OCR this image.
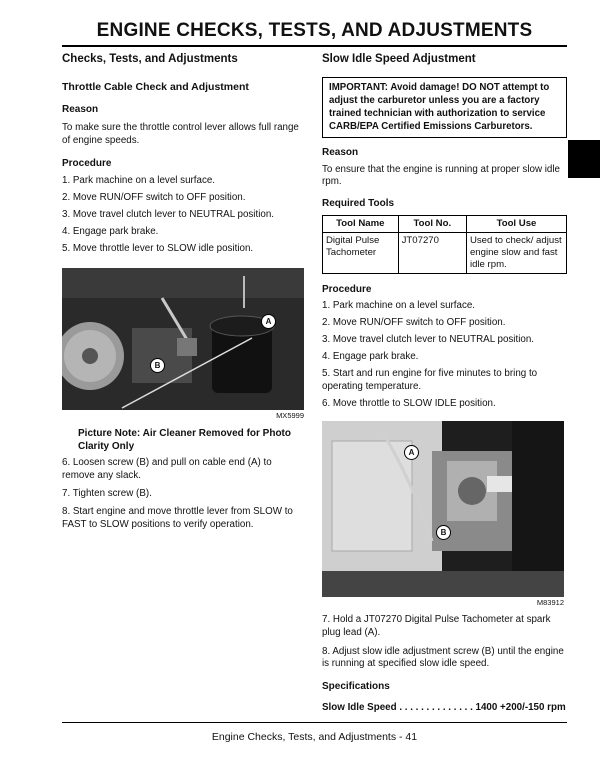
ENGINE CHECKS, TESTS, AND ADJUSTMENTS
Checks, Tests, and Adjustments
Throttle Cable Check and Adjustment

Reason

To make sure the throttle control lever allows full range of engine speeds.

Procedure

1. Park machine on a level surface.

2. Move RUN/OFF switch to OFF position.

3. Move travel clutch lever to NEUTRAL position.

4. Engage park brake.

5. Move throttle lever to SLOW idle position.

A
B
MX5999

Picture Note: Air Cleaner Removed for Photo Clarity Only

6. Loosen screw (B) and pull on cable end (A) to remove any slack.

7. Tighten screw (B).

8. Start engine and move throttle lever from SLOW to FAST to SLOW positions to verify operation.

Slow Idle Speed Adjustment
IMPORTANT: Avoid damage! DO NOT attempt to adjust the carburetor unless you are a factory trained technician with authorization to service CARB/EPA Certified Emissions Carburetors.

Reason

To ensure that the engine is running at proper slow idle rpm.

Required Tools

Tool Name	Tool No.	Tool Use
Digital Pulse Tachometer	JT07270	Used to check/ adjust engine slow and fast idle rpm.

Procedure

1. Park machine on a level surface.

2. Move RUN/OFF switch to OFF position.

3. Move travel clutch lever to NEUTRAL position.

4. Engage park brake.

5. Start and run engine for five minutes to bring to operating temperature.

6. Move throttle to SLOW IDLE position.

A
B
M83912

7. Hold a JT07270 Digital Pulse Tachometer at spark plug lead (A).

8. Adjust slow idle adjustment screw (B) until the engine is running at specified slow idle speed.

Specifications

Slow Idle Speed . . . . . . . . . . . . . . 1400 +200/-150 rpm
Engine Checks, Tests, and Adjustments - 41
